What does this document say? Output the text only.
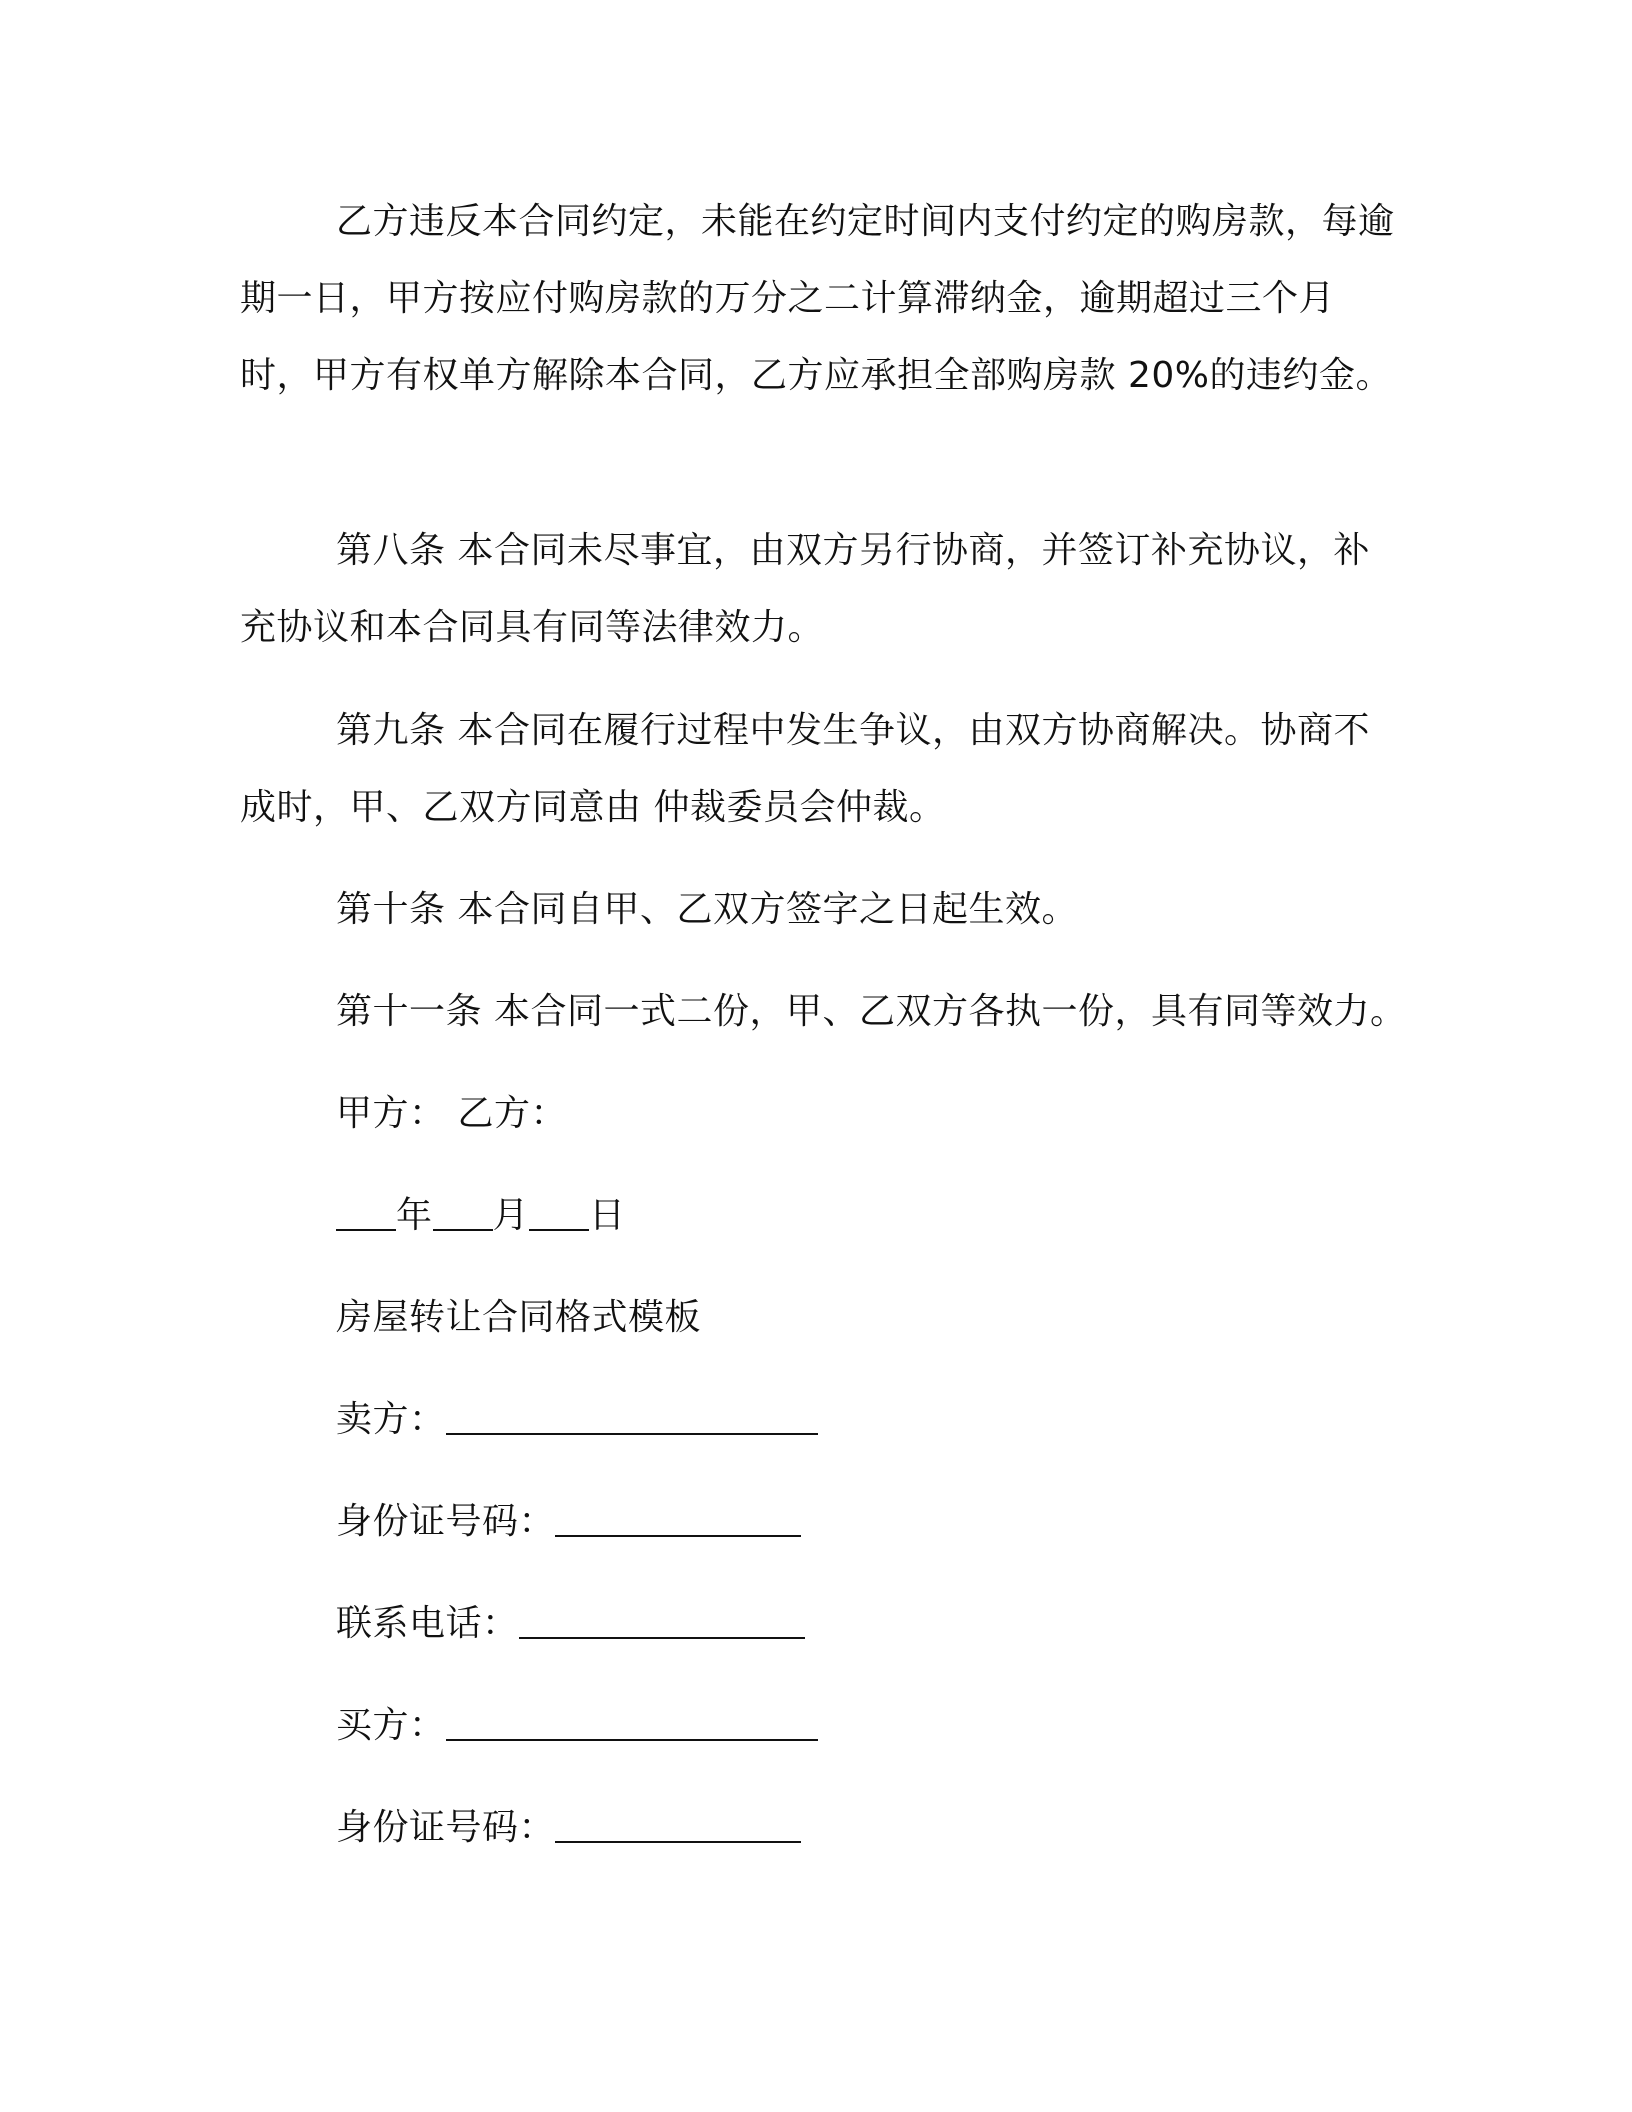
乙方违反本合同约定，未能在约定时间内支付约定的购房款，每逾期一日，甲方按应付购房款的万分之二计算滞纳金，逾期超过三个月时，甲方有权单方解除本合同，乙方应承担全部购房款 20%的违约金。
第八条 本合同未尽事宜，由双方另行协商，并签订补充协议，补充协议和本合同具有同等法律效力。
第九条 本合同在履行过程中发生争议，由双方协商解决。协商不成时，甲、乙双方同意由 仲裁委员会仲裁。
第十条 本合同自甲、乙双方签字之日起生效。
第十一条 本合同一式二份，甲、乙双方各执一份，具有同等效力。
甲方： 乙方：
年 月 日
房屋转让合同格式模板
卖方：
身份证号码：
联系电话：
买方：
身份证号码：
